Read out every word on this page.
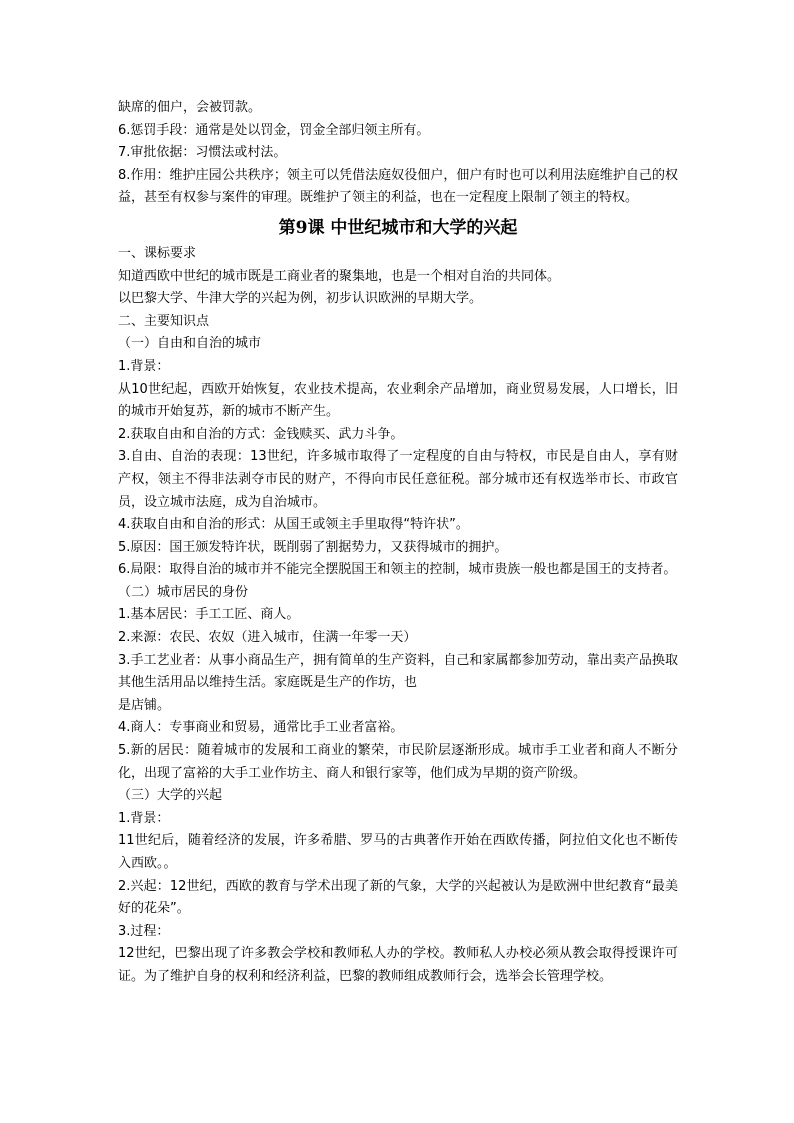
缺席的佃户，会被罚款。
6.惩罚手段：通常是处以罚金，罚金全部归领主所有。
7.审批依据：习惯法或村法。
8.作用：维护庄园公共秩序；领主可以凭借法庭奴役佃户，佃户有时也可以利用法庭维护自己的权益，甚至有权参与案件的审理。既维护了领主的利益，也在一定程度上限制了领主的特权。
第9课 中世纪城市和大学的兴起
一、课标要求
知道西欧中世纪的城市既是工商业者的聚集地，也是一个相对自治的共同体。
以巴黎大学、牛津大学的兴起为例，初步认识欧洲的早期大学。
二、主要知识点
（一）自由和自治的城市
1.背景：
从10世纪起，西欧开始恢复，农业技术提高，农业剩余产品增加，商业贸易发展，人口增长，旧的城市开始复苏，新的城市不断产生。
2.获取自由和自治的方式：金钱赎买、武力斗争。
3.自由、自治的表现：13世纪，许多城市取得了一定程度的自由与特权，市民是自由人，享有财产权，领主不得非法剥夺市民的财产，不得向市民任意征税。部分城市还有权选举市长、市政官员，设立城市法庭，成为自治城市。
4.获取自由和自治的形式：从国王或领主手里取得“特许状”。
5.原因：国王颁发特许状，既削弱了割据势力，又获得城市的拥护。
6.局限：取得自治的城市并不能完全摆脱国王和领主的控制，城市贵族一般也都是国王的支持者。
（二）城市居民的身份
1.基本居民：手工工匠、商人。
2.来源：农民、农奴（进入城市，住满一年零一天）
3.手工艺业者：从事小商品生产，拥有简单的生产资料，自己和家属都参加劳动，靠出卖产品换取其他生活用品以维持生活。家庭既是生产的作坊，也
是店铺。
4.商人：专事商业和贸易，通常比手工业者富裕。
5.新的居民：随着城市的发展和工商业的繁荣，市民阶层逐渐形成。城市手工业者和商人不断分化，出现了富裕的大手工业作坊主、商人和银行家等，他们成为早期的资产阶级。
（三）大学的兴起
1.背景：
11世纪后，随着经济的发展，许多希腊、罗马的古典著作开始在西欧传播，阿拉伯文化也不断传入西欧。。
2.兴起：12世纪，西欧的教育与学术出现了新的气象，大学的兴起被认为是欧洲中世纪教育“最美好的花朵”。
3.过程：
12世纪，巴黎出现了许多教会学校和教师私人办的学校。教师私人办校必须从教会取得授课许可证。为了维护自身的权利和经济利益，巴黎的教师组成教师行会，选举会长管理学校。
